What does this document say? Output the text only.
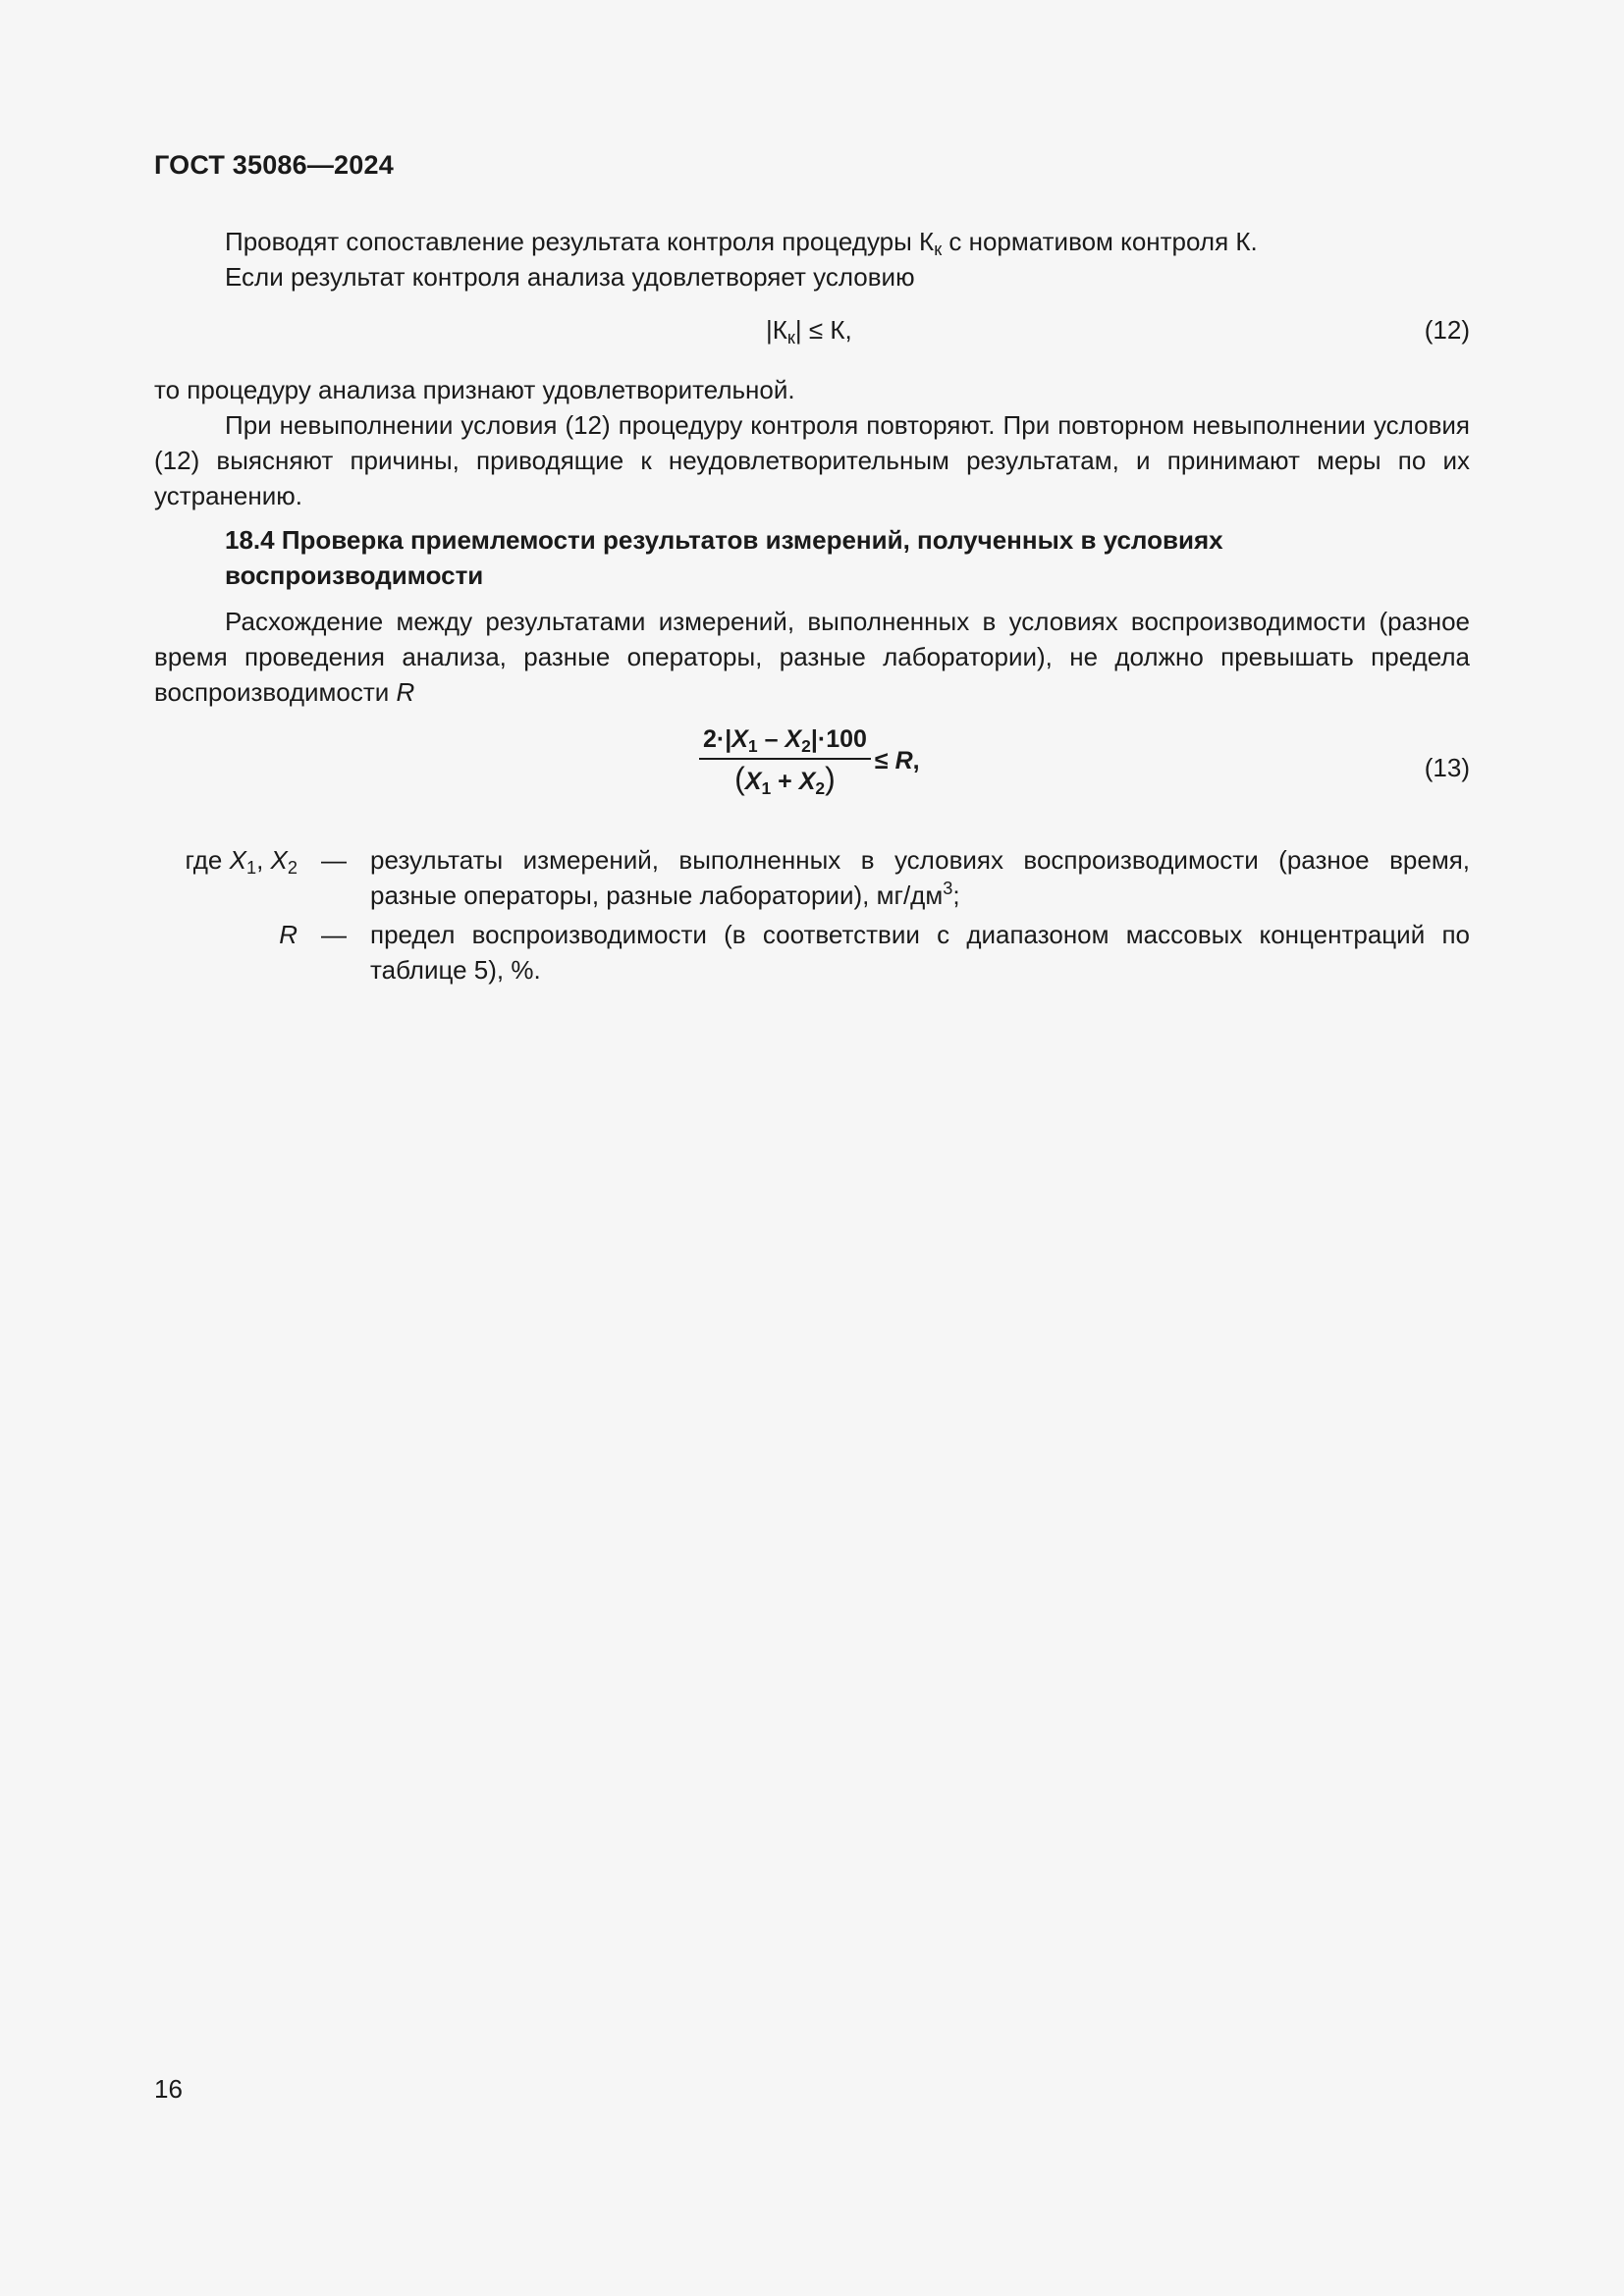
ГОСТ 35086—2024

Проводят сопоставление результата контроля процедуры $К_к$ с нормативом контроля К.

Если результат контроля анализа удовлетворяет условию

$|К_к| \le К$,	(12)

то процедуру анализа признают удовлетворительной.

При невыполнении условия (12) процедуру контроля повторяют. При повторном невыполнении условия (12) выясняют причины, приводящие к неудовлетворительным результатам, и принимают меры по их устранению.

18.4 Проверка приемлемости результатов измерений, полученных в условиях воспроизводимости

Расхождение между результатами измерений, выполненных в условиях воспроизводимости (разное время проведения анализа, разные операторы, разные лаборатории), не должно превышать предела воспроизводимости R

$\frac{2\cdot|X_1 - X_2|\cdot 100}{(X_1 + X_2)} \le R$,	(13)
где $X_1$, $X_2$ — результаты измерений, выполненных в условиях воспроизводимости (разное время, разные операторы, разные лаборатории), $мг/дм^3$;
R — предел воспроизводимости (в соответствии с диапазоном массовых концентраций по таблице 5), %.
16
